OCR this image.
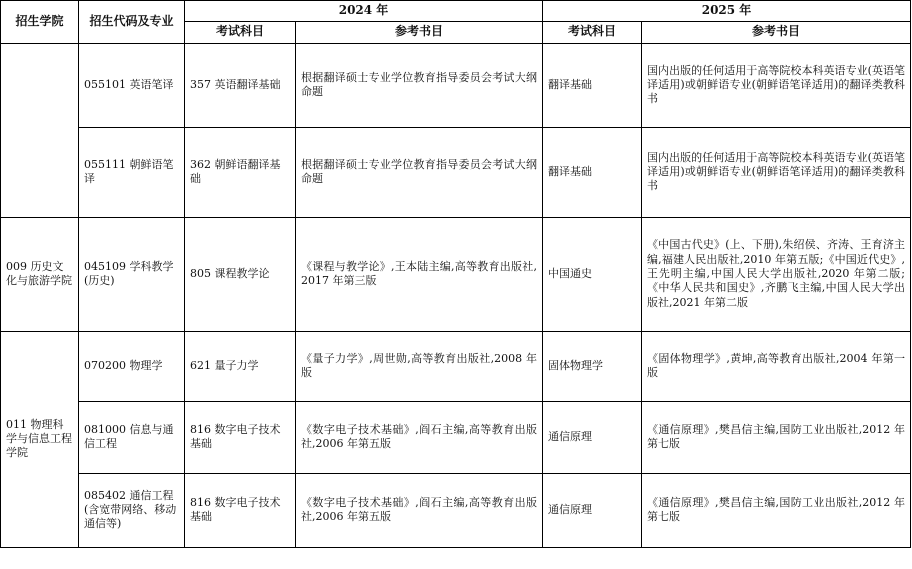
招生学院	招生代码及专业	2024 年		2025 年	
		考试科目	参考书目	考试科目	参考书目
	055101 英语笔译	357 英语翻译基础	根据翻译硕士专业学位教育指导委员会考试大纲命题	翻译基础	国内出版的任何适用于高等院校本科英语专业(英语笔译适用)或朝鲜语专业(朝鲜语笔译适用)的翻译类教科书
	055111 朝鲜语笔译	362 朝鲜语翻译基础	根据翻译硕士专业学位教育指导委员会考试大纲命题	翻译基础	国内出版的任何适用于高等院校本科英语专业(英语笔译适用)或朝鲜语专业(朝鲜语笔译适用)的翻译类教科书
009 历史文化与旅游学院	045109 学科教学(历史)	805 课程教学论	《课程与教学论》,王本陆主编,高等教育出版社,2017 年第三版	中国通史	《中国古代史》(上、下册),朱绍侯、齐涛、王育济主编,福建人民出版社,2010 年第五版;《中国近代史》,王先明主编,中国人民大学出版社,2020 年第二版;《中华人民共和国史》,齐鹏飞主编,中国人民大学出版社,2021 年第二版
011 物理科学与信息工程学院	070200 物理学	621 量子力学	《量子力学》,周世勋,高等教育出版社,2008 年版	固体物理学	《固体物理学》,黄坤,高等教育出版社,2004 年第一版
	081000 信息与通信工程	816 数字电子技术基础	《数字电子技术基础》,阎石主编,高等教育出版社,2006 年第五版	通信原理	《通信原理》,樊昌信主编,国防工业出版社,2012 年第七版
	085402 通信工程(含宽带网络、移动通信等)	816 数字电子技术基础	《数字电子技术基础》,阎石主编,高等教育出版社,2006 年第五版	通信原理	《通信原理》,樊昌信主编,国防工业出版社,2012 年第七版
